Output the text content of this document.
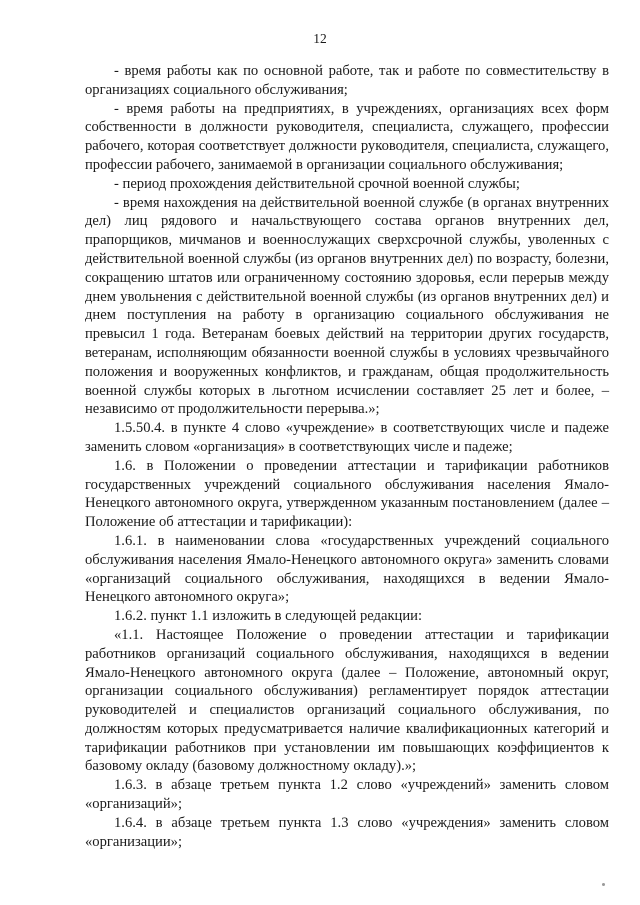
12

- время работы как по основной работе, так и работе по совместительству в организациях социального обслуживания;

- время работы на предприятиях, в учреждениях, организациях всех форм собственности в должности руководителя, специалиста, служащего, профессии рабочего, которая соответствует должности руководителя, специалиста, служащего, профессии рабочего, занимаемой в организации социального обслуживания;

- период прохождения действительной срочной военной службы;

- время нахождения на действительной военной службе (в органах внутренних дел) лиц рядового и начальствующего состава органов внутренних дел, прапорщиков, мичманов и военнослужащих сверхсрочной службы, уволенных с действительной военной службы (из органов внутренних дел) по возрасту, болезни, сокращению штатов или ограниченному состоянию здоровья, если перерыв между днем увольнения с действительной военной службы (из органов внутренних дел) и днем поступления на работу в организацию социального обслуживания не превысил 1 года. Ветеранам боевых действий на территории других государств, ветеранам, исполняющим обязанности военной службы в условиях чрезвычайного положения и вооруженных конфликтов, и гражданам, общая продолжительность военной службы которых в льготном исчислении составляет 25 лет и более, – независимо от продолжительности перерыва.»;

1.5.50.4. в пункте 4 слово «учреждение» в соответствующих числе и падеже заменить словом «организация» в соответствующих числе и падеже;

1.6. в Положении о проведении аттестации и тарификации работников государственных учреждений социального обслуживания населения Ямало-Ненецкого автономного округа, утвержденном указанным постановлением (далее – Положение об аттестации и тарификации):

1.6.1. в наименовании слова «государственных учреждений социального обслуживания населения Ямало-Ненецкого автономного округа» заменить словами «организаций социального обслуживания, находящихся в ведении Ямало-Ненецкого автономного округа»;

1.6.2. пункт 1.1 изложить в следующей редакции:

«1.1. Настоящее Положение о проведении аттестации и тарификации работников организаций социального обслуживания, находящихся в ведении Ямало-Ненецкого автономного округа (далее – Положение, автономный округ, организации социального обслуживания) регламентирует порядок аттестации руководителей и специалистов организаций социального обслуживания, по должностям которых предусматривается наличие квалификационных категорий и тарификации работников при установлении им повышающих коэффициентов к базовому окладу (базовому должностному окладу).»;

1.6.3. в абзаце третьем пункта 1.2 слово «учреждений» заменить словом «организаций»;

1.6.4. в абзаце третьем пункта 1.3 слово «учреждения» заменить словом «организации»;
